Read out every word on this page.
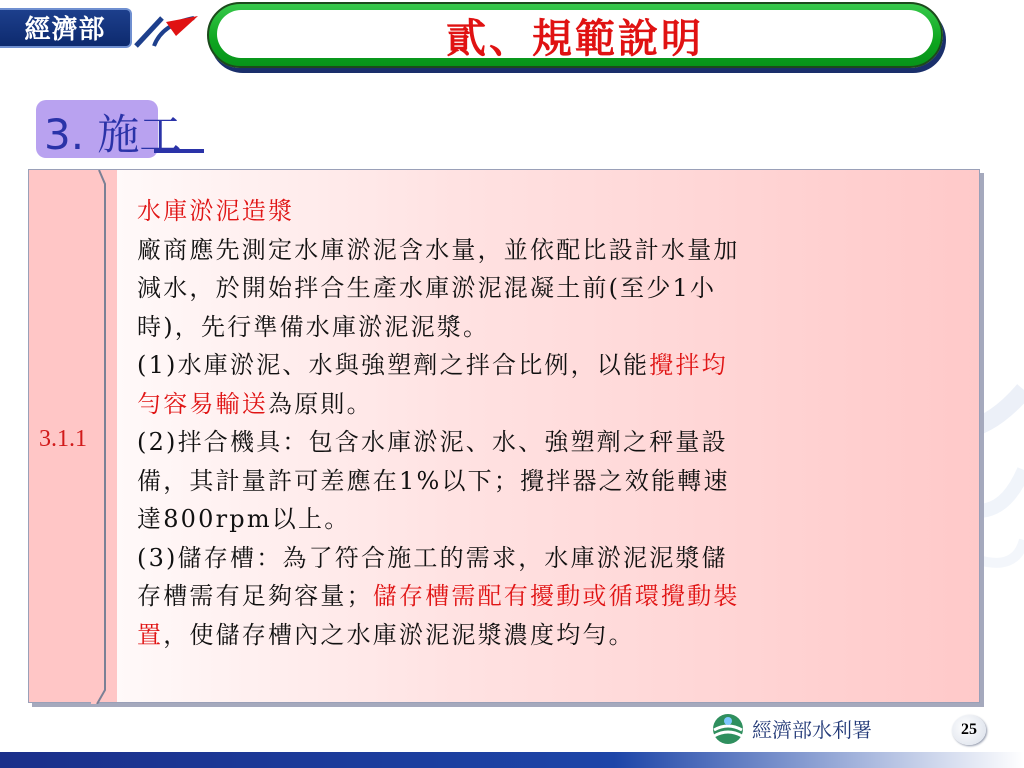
經濟部	貳、規範說明
3. 施工
3.1.1
水庫淤泥造漿
廠商應先測定水庫淤泥含水量，並依配比設計水量加
減水，於開始拌合生產水庫淤泥混凝土前(至少1小
時)，先行準備水庫淤泥泥漿。
(1)水庫淤泥、水與強塑劑之拌合比例，以能攪拌均
勻容易輸送為原則。
(2)拌合機具：包含水庫淤泥、水、強塑劑之秤量設
備，其計量許可差應在1%以下；攪拌器之效能轉速
達800rpm以上。
(3)儲存槽：為了符合施工的需求，水庫淤泥泥漿儲
存槽需有足夠容量；儲存槽需配有擾動或循環攪動裝
置，使儲存槽內之水庫淤泥泥漿濃度均勻。
經濟部水利署	25
